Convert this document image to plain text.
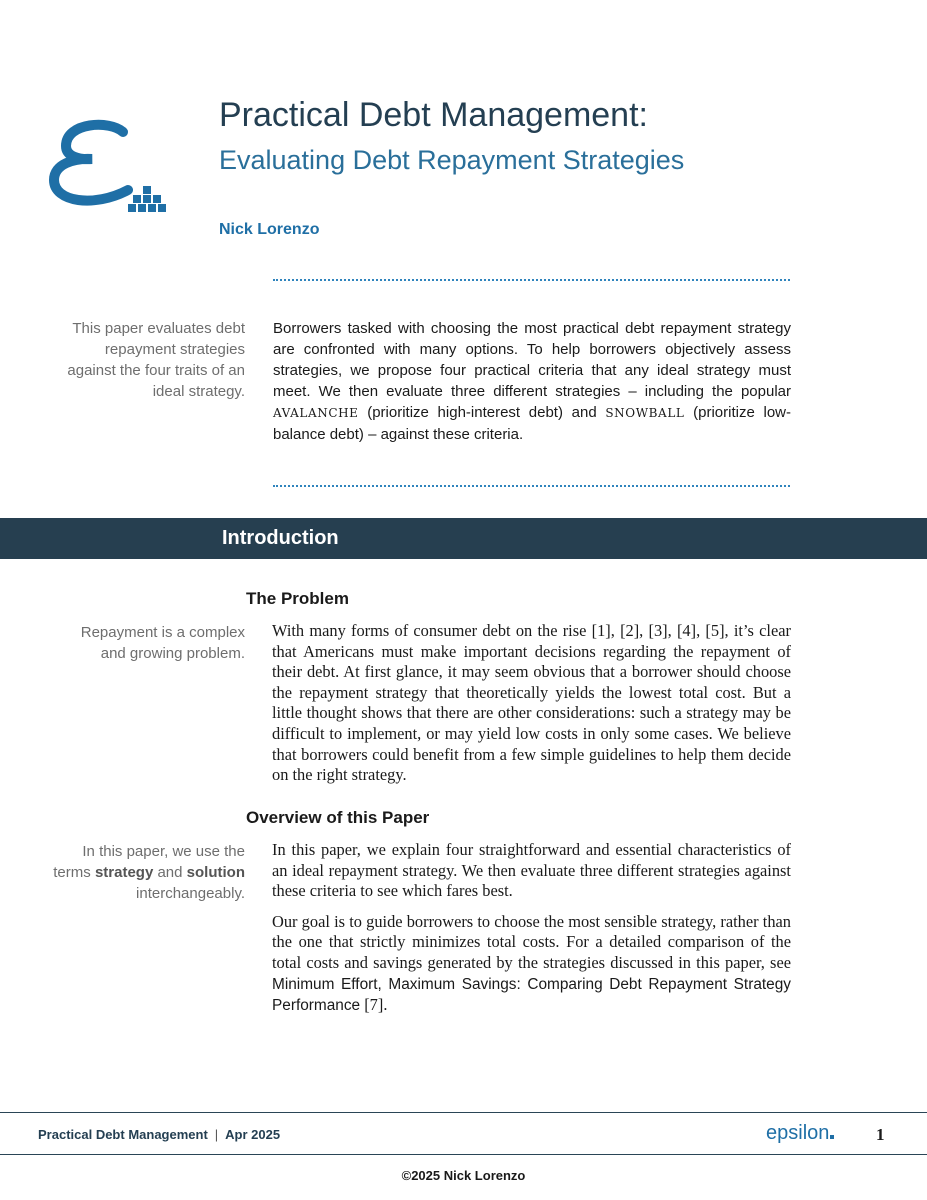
Practical Debt Management:
Evaluating Debt Repayment Strategies
Nick Lorenzo
This paper evaluates debt repayment strategies against the four traits of an ideal strategy.
Borrowers tasked with choosing the most practical debt repayment strategy are confronted with many options. To help borrowers objectively assess strategies, we propose four practical criteria that any ideal strategy must meet. We then evaluate three different strategies – including the popular AVALANCHE (prioritize high-interest debt) and SNOWBALL (prioritize low-balance debt) – against these criteria.
Introduction
The Problem
Repayment is a complex and growing problem.

With many forms of consumer debt on the rise [1], [2], [3], [4], [5], it’s clear that Americans must make important decisions regarding the repayment of their debt. At first glance, it may seem obvious that a borrower should choose the repayment strategy that theoretically yields the lowest total cost. But a little thought shows that there are other considerations: such a strategy may be difficult to implement, or may yield low costs in only some cases. We believe that borrowers could benefit from a few simple guidelines to help them decide on the right strategy.

Overview of this Paper
In this paper, we use the terms strategy and solution interchangeably.

In this paper, we explain four straightforward and essential characteristics of an ideal repayment strategy. We then evaluate three different strategies against these criteria to see which fares best.

Our goal is to guide borrowers to choose the most sensible strategy, rather than the one that strictly minimizes total costs. For a detailed comparison of the total costs and savings generated by the strategies discussed in this paper, see Minimum Effort, Maximum Savings: Comparing Debt Repayment Strategy Performance [7].

Practical Debt Management | Apr 2025	epsilon	1
©2025 Nick Lorenzo
